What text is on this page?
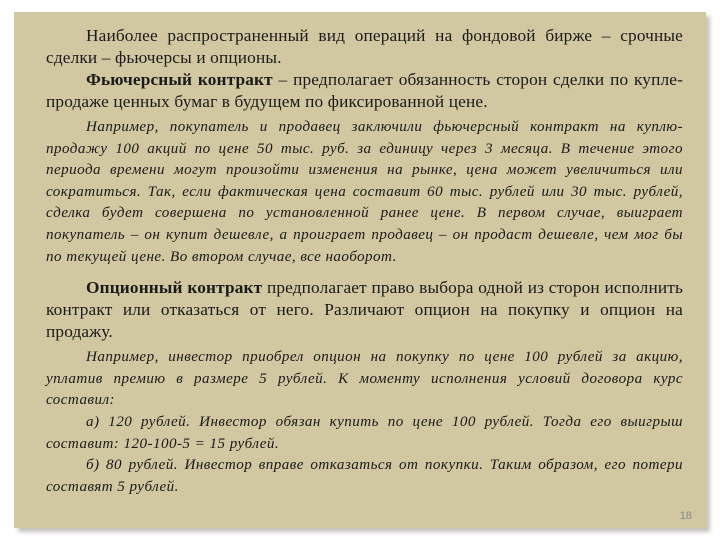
Наиболее распространенный вид операций на фондовой бирже – срочные сделки – фьючерсы и опционы.

Фьючерсный контракт – предполагает обязанность сторон сделки по купле-продаже ценных бумаг в будущем по фиксированной цене.

Например, покупатель и продавец заключили фьючерсный контракт на куплю-продажу 100 акций по цене 50 тыс. руб. за единицу через 3 месяца. В течение этого периода времени могут произойти изменения на рынке, цена может увеличиться или сократиться. Так, если фактическая цена составит 60 тыс. рублей или 30 тыс. рублей, сделка будет совершена по установленной ранее цене. В первом случае, выиграет покупатель – он купит дешевле, а проиграет продавец – он продаст дешевле, чем мог бы по текущей цене. Во втором случае, все наоборот.

Опционный контракт предполагает право выбора одной из сторон исполнить контракт или отказаться от него. Различают опцион на покупку и опцион на продажу.

Например, инвестор приобрел опцион на покупку по цене 100 рублей за акцию, уплатив премию в размере 5 рублей. К моменту исполнения условий договора курс составил:
а) 120 рублей. Инвестор обязан купить по цене 100 рублей. Тогда его выигрыш составит: 120-100-5 = 15 рублей.
б) 80 рублей. Инвестор вправе отказаться от покупки. Таким образом, его потери составят 5 рублей.
18
